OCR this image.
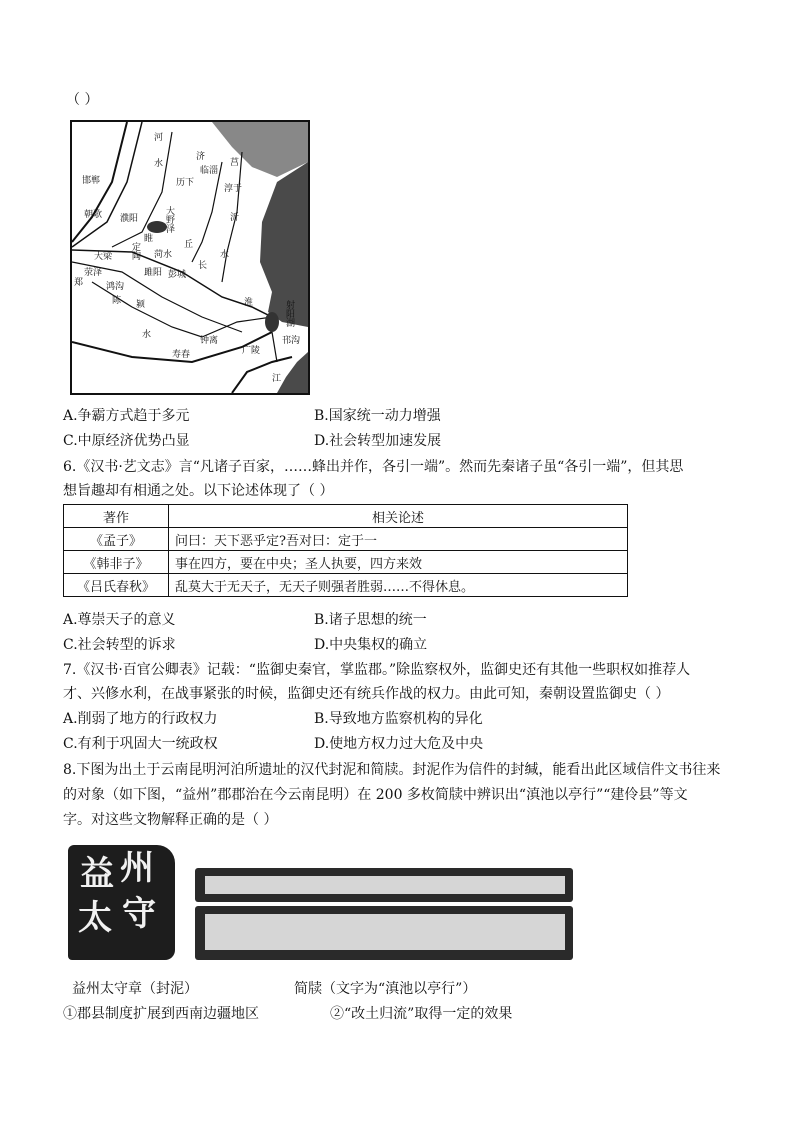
（ ）
河
水
济
临淄
历下
邯郸
朝歌 濮阳	大野泽
莒
淳于
沂
丘
睢
菏水
彭城
长
水
郑
荥泽
大梁 定陶
雎阳
鸿沟
陈 颍
水
寿春
钟离
淮
江
邗沟
广陵
射阳湖
A.争霸方式趋于多元	B.国家统一动力增强
C.中原经济优势凸显	D.社会转型加速发展
6.《汉书·艺文志》言“凡诸子百家，……蜂出并作，各引一端”。然而先秦诸子虽“各引一端”，但其思
想旨趣却有相通之处。以下论述体现了（ ）
著作	相关论述
《孟子》	问曰：天下恶乎定?吾对曰：定于一
《韩非子》	事在四方，要在中央；圣人执要，四方来效
《吕氏春秋》	乱莫大于无天子，无天子则强者胜弱……不得休息。
A.尊崇天子的意义	B.诸子思想的统一
C.社会转型的诉求	D.中央集权的确立
7.《汉书·百官公卿表》记载：“监御史秦官，掌监郡。”除监察权外，监御史还有其他一些职权如推荐人
才、兴修水利，在战事紧张的时候，监御史还有统兵作战的权力。由此可知，秦朝设置监御史（ ）
A.削弱了地方的行政权力	B.导致地方监察机构的异化
C.有利于巩固大一统政权	D.使地方权力过大危及中央
8.下图为出土于云南昆明河泊所遗址的汉代封泥和简牍。封泥作为信件的封缄，能看出此区域信件文书往来
的对象（如下图，“益州”郡郡治在今云南昆明）在 200 多枚简牍中辨识出“滇池以亭行”“建伶县”等文
字。对这些文物解释正确的是（ ）
益 州
太 守
益州太守章（封泥）	简牍（文字为“滇池以亭行”）
①郡县制度扩展到西南边疆地区	②“改土归流”取得一定的效果
